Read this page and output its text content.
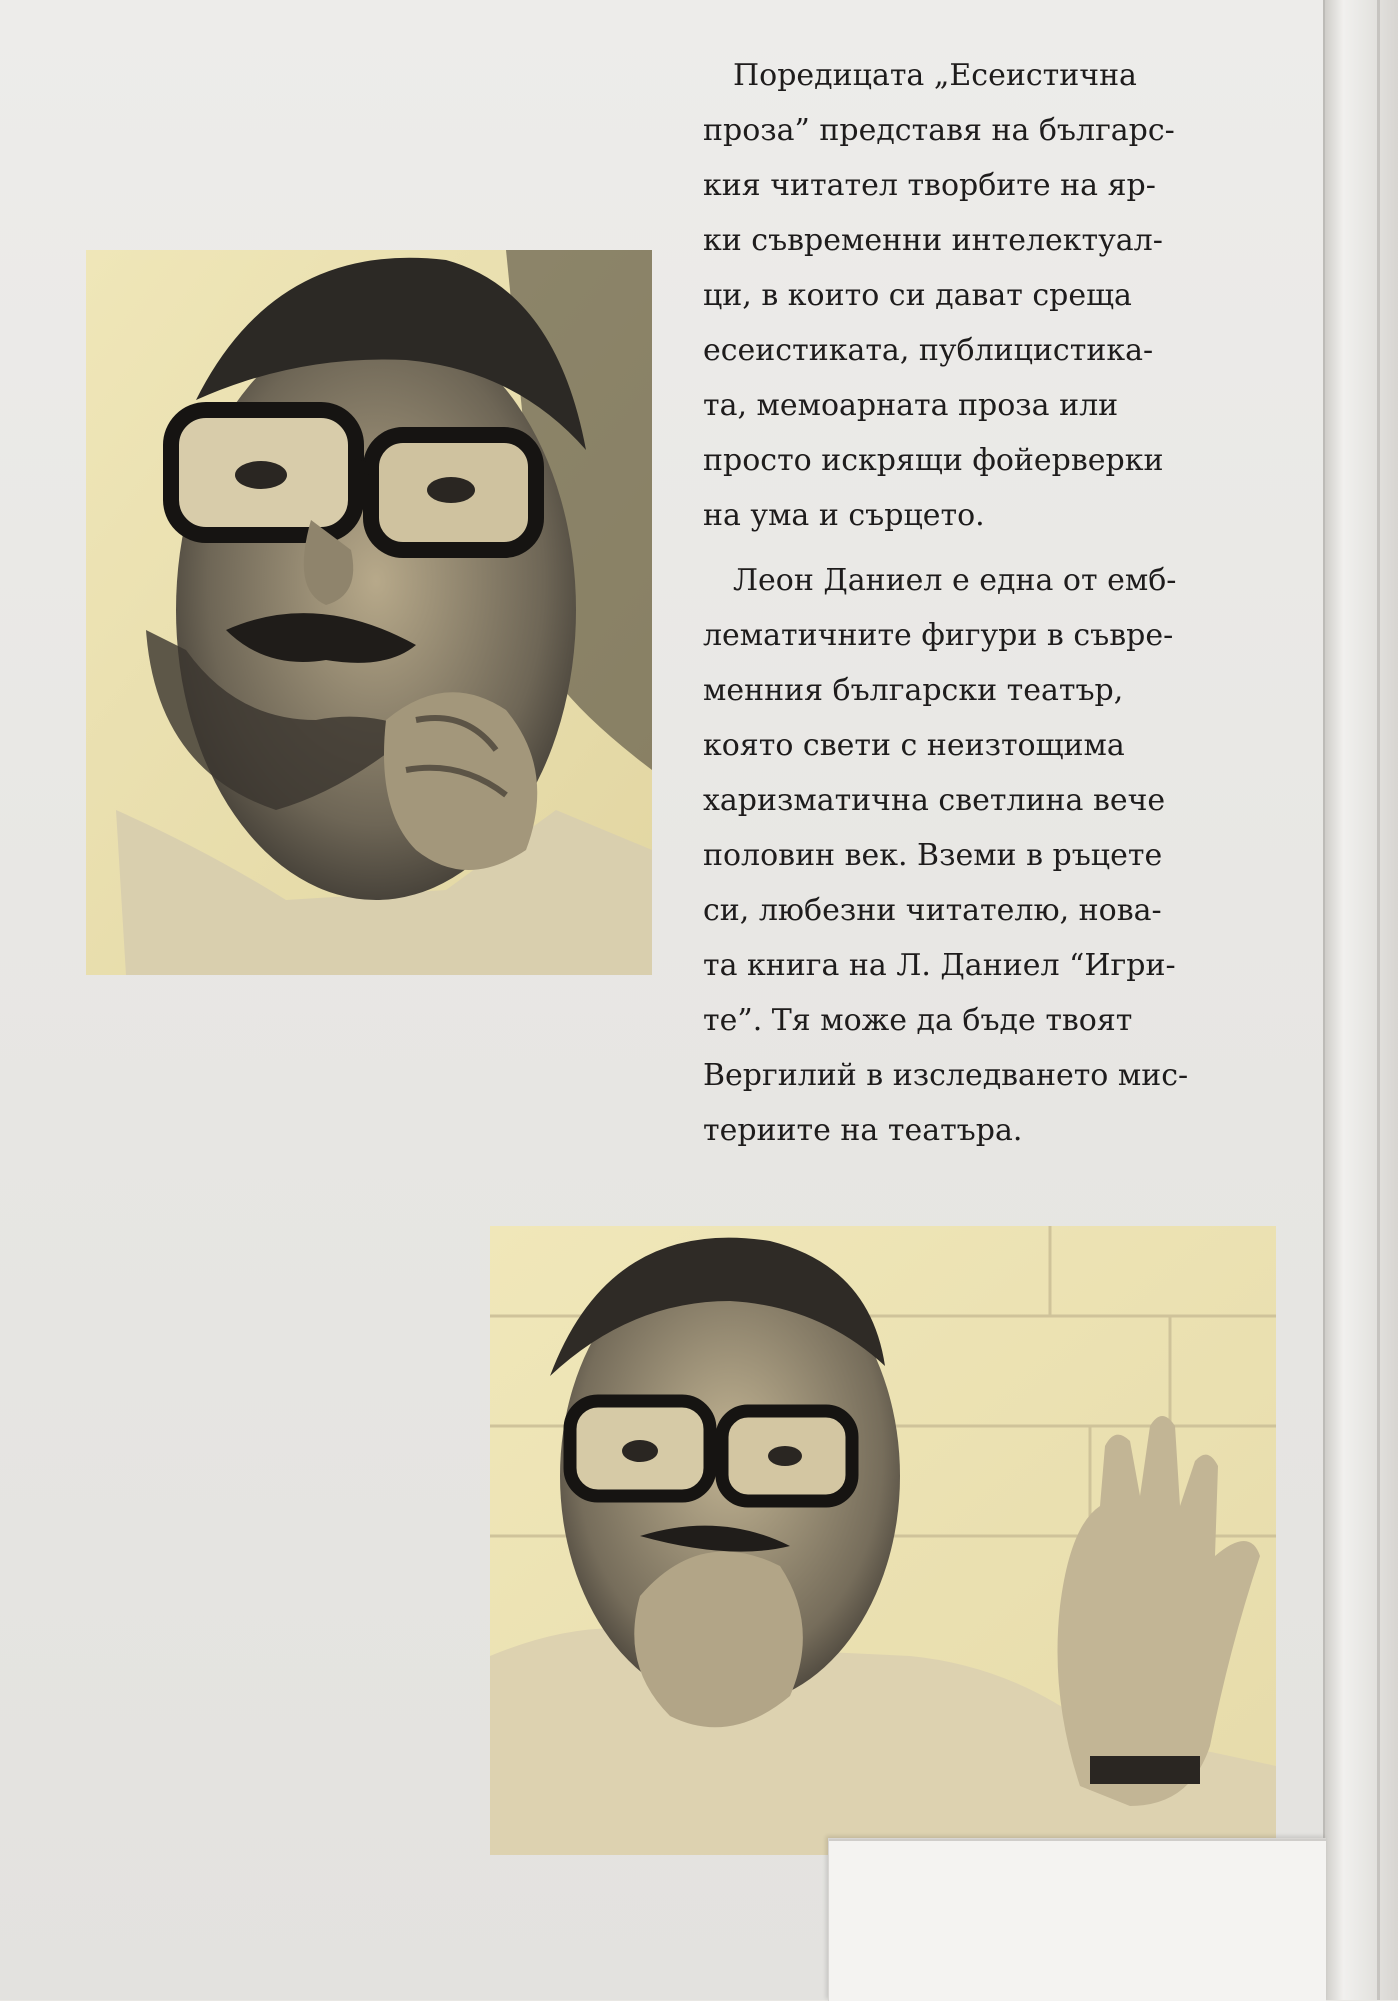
Поредицата „Есеистична
проза” представя на българс-
кия читател творбите на яр-
ки съвременни интелектуал-
ци, в които си дават среща
есеистиката, публицистика-
та, мемоарната проза или
просто искрящи фойерверки
на ума и сърцето.

Леон Даниел е една от емб-
лематичните фигури в съвре-
менния български театър,
която свети с неизтощима
харизматична светлина вече
половин век. Вземи в ръцете
си, любезни читателю, нова-
та книга на Л. Даниел “Игри-
те”. Тя може да бъде твоят
Вергилий в изследването мис-
териите на театъра.
